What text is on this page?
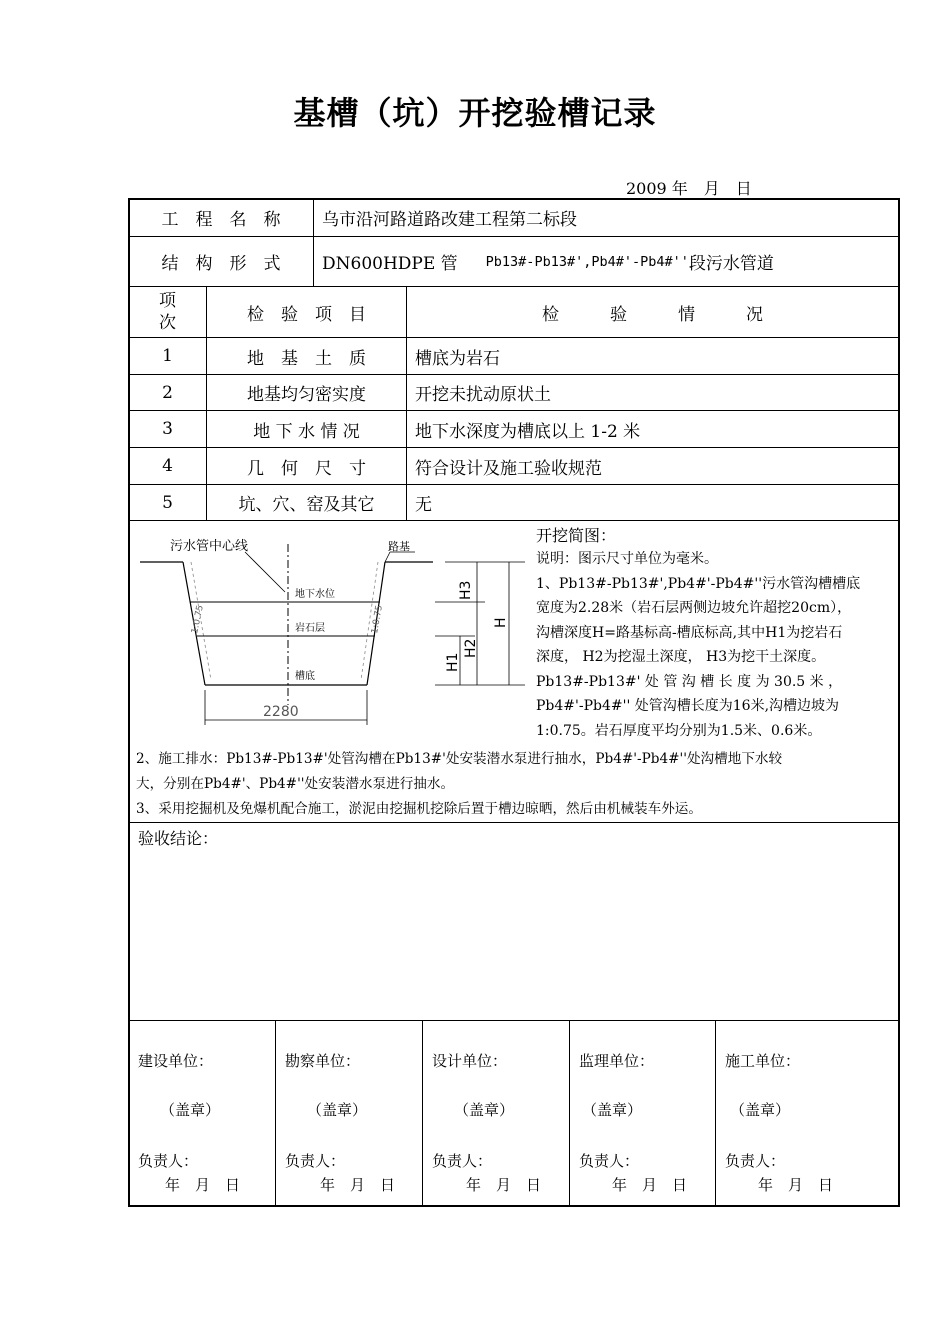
基槽（坑）开挖验槽记录
2009 年　月　日
工　程　名　称	乌市沿河路道路改建工程第二标段
结　构　形　式	DN600HDPE 管 Pb13#-Pb13#',Pb4#'-Pb4#'' 段污水管道
项
次	检　验　项　目	检　　　验　　　情　　　况
1	地　基　土　质	槽底为岩石
2	地基均匀密实度	开挖未扰动原状土
3	地 下 水 情 况	地下水深度为槽底以上 1-2 米
4	几　何　尺　寸	符合设计及施工验收规范
5	坑、穴、窑及其它	无
污水管中心线	路基
地下水位
岩石层
槽底
1:0.75	1:0.75
2280
H3
H2
H1
H
开挖简图：
说明：图示尺寸单位为毫米。
1、Pb13#-Pb13#',Pb4#'-Pb4#''污水管沟槽槽底
宽度为2.28米（岩石层两侧边坡允许超挖20cm），
沟槽深度H=路基标高-槽底标高,其中H1为挖岩石
深度， H2为挖湿土深度， H3为挖干土深度。
Pb13#-Pb13#' 处 管 沟 槽 长 度 为 30.5 米 ，
Pb4#'-Pb4#'' 处管沟槽长度为16米,沟槽边坡为
1:0.75。岩石厚度平均分别为1.5米、0.6米。
2、施工排水：Pb13#-Pb13#'处管沟槽在Pb13#'处安装潜水泵进行抽水，Pb4#'-Pb4#''处沟槽地下水较
大，分别在Pb4#'、Pb4#''处安装潜水泵进行抽水。
3、采用挖掘机及免爆机配合施工，淤泥由挖掘机挖除后置于槽边晾晒，然后由机械装车外运。
验收结论：
建设单位：
（盖章）
负责人：
年　月　日
勘察单位：
（盖章）
负责人：
年　月　日
设计单位：
（盖章）
负责人：
年　月　日
监理单位：
（盖章）
负责人：
年　月　日
施工单位：
（盖章）
负责人：
年　月　日
